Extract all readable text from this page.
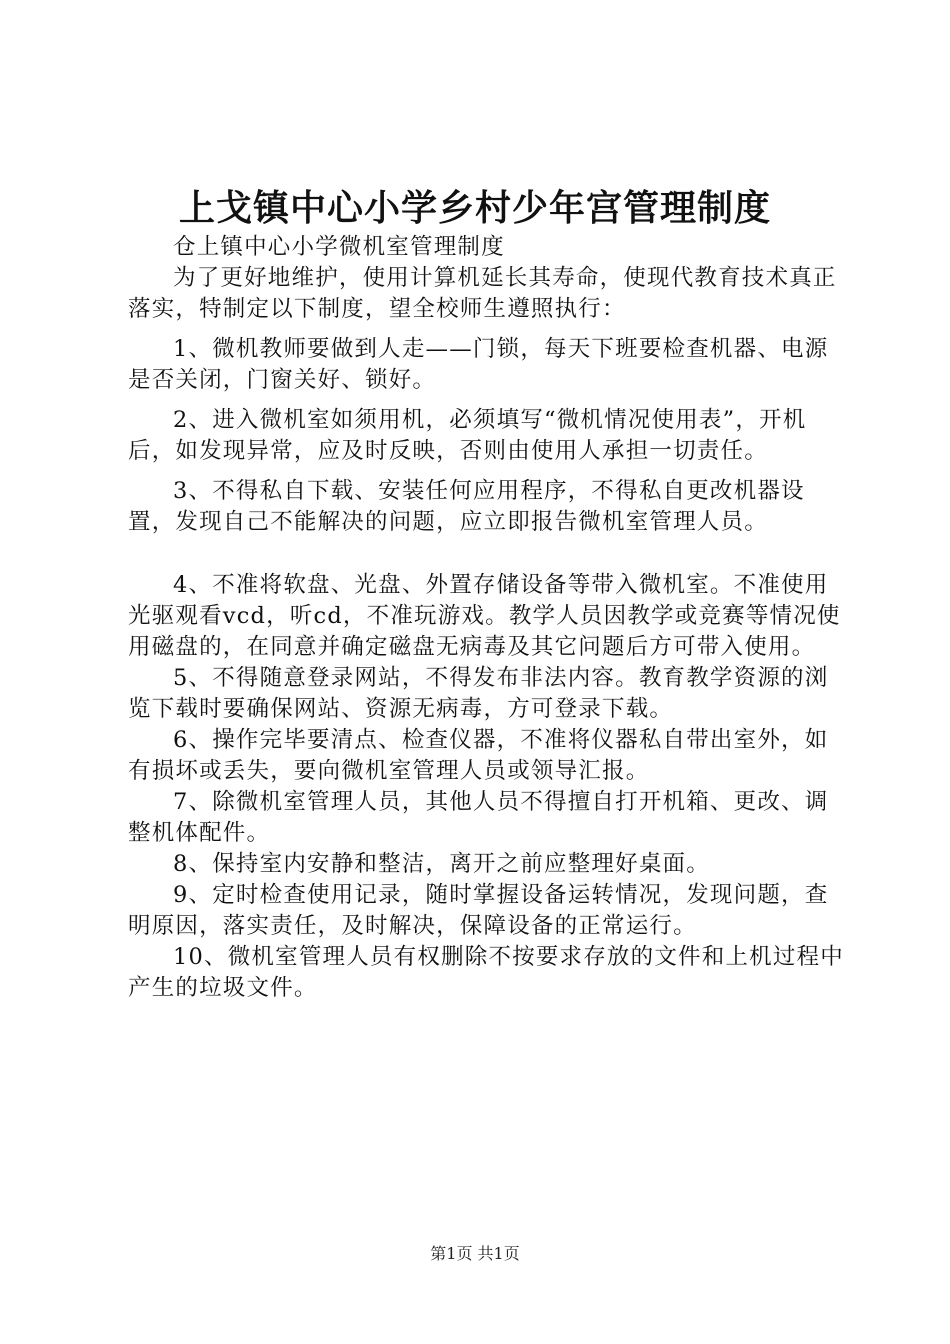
上戈镇中心小学乡村少年宫管理制度

仓上镇中心小学微机室管理制度

为了更好地维护，使用计算机延长其寿命，使现代教育技术真正落实，特制定以下制度，望全校师生遵照执行：

1、微机教师要做到人走——门锁，每天下班要检查机器、电源是否关闭，门窗关好、锁好。

2、进入微机室如须用机，必须填写“微机情况使用表”，开机后，如发现异常，应及时反映，否则由使用人承担一切责任。

3、不得私自下载、安装任何应用程序，不得私自更改机器设置，发现自己不能解决的问题，应立即报告微机室管理人员。

4、不准将软盘、光盘、外置存储设备等带入微机室。不准使用光驱观看vcd，听cd，不准玩游戏。教学人员因教学或竞赛等情况使用磁盘的，在同意并确定磁盘无病毒及其它问题后方可带入使用。

5、不得随意登录网站，不得发布非法内容。教育教学资源的浏览下载时要确保网站、资源无病毒，方可登录下载。

6、操作完毕要清点、检查仪器，不准将仪器私自带出室外，如有损坏或丢失，要向微机室管理人员或领导汇报。

7、除微机室管理人员，其他人员不得擅自打开机箱、更改、调整机体配件。

8、保持室内安静和整洁，离开之前应整理好桌面。

9、定时检查使用记录，随时掌握设备运转情况，发现问题，查明原因，落实责任，及时解决，保障设备的正常运行。

10、微机室管理人员有权删除不按要求存放的文件和上机过程中产生的垃圾文件。

第1页 共1页
